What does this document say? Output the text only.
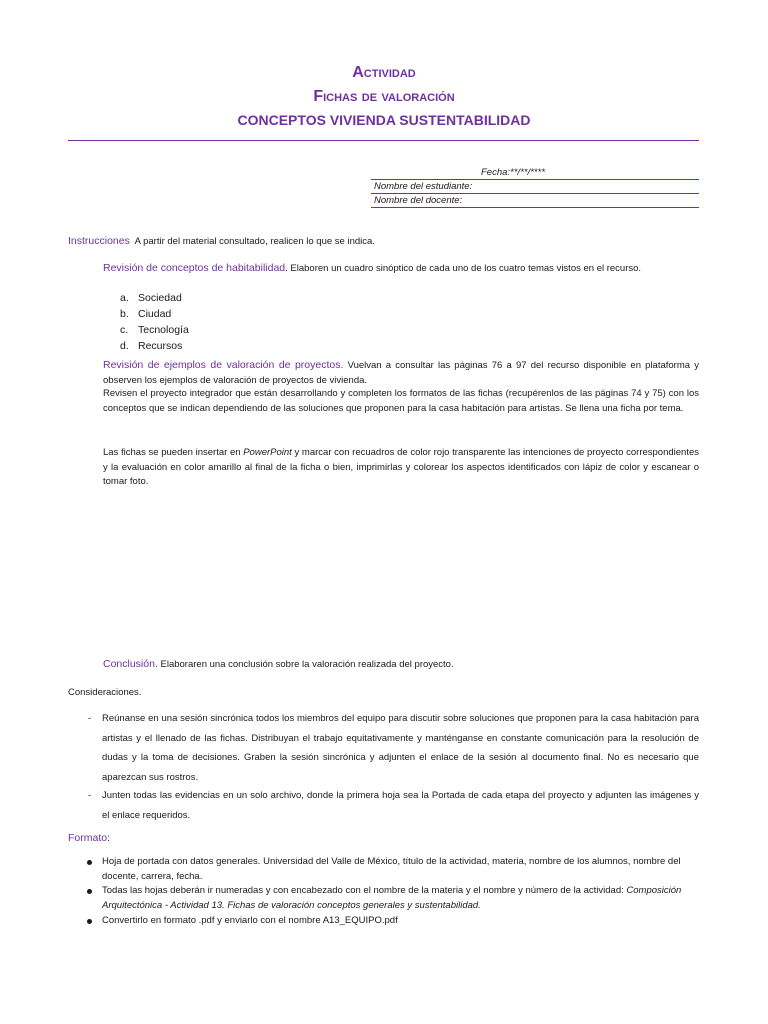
Actividad
Fichas de valoración
CONCEPTOS VIVIENDA SUSTENTABILIDAD
Fecha:**/**/****
Nombre del estudiante:
Nombre del docente:
Instrucciones A partir del material consultado, realicen lo que se indica.
Revisión de conceptos de habitabilidad. Elaboren un cuadro sinóptico de cada uno de los cuatro temas vistos en el recurso.
a. Sociedad
b. Ciudad
c. Tecnología
d. Recursos
Revisión de ejemplos de valoración de proyectos. Vuelvan a consultar las páginas 76 a 97 del recurso disponible en plataforma y observen los ejemplos de valoración de proyectos de vivienda.
Revisen el proyecto integrador que están desarrollando y completen los formatos de las fichas (recupérenlos de las páginas 74 y 75) con los conceptos que se indican dependiendo de las soluciones que proponen para la casa habitación para artistas. Se llena una ficha por tema.
Las fichas se pueden insertar en PowerPoint y marcar con recuadros de color rojo transparente las intenciones de proyecto correspondientes y la evaluación en color amarillo al final de la ficha o bien, imprimirlas y colorear los aspectos identificados con lápiz de color y escanear o tomar foto.
Conclusión. Elaboraren una conclusión sobre la valoración realizada del proyecto.
Consideraciones.
-	Reúnanse en una sesión sincrónica todos los miembros del equipo para discutir sobre soluciones que proponen para la casa habitación para artistas y el llenado de las fichas. Distribuyan el trabajo equitativamente y manténganse en constante comunicación para la resolución de dudas y la toma de decisiones. Graben la sesión sincrónica y adjunten el enlace de la sesión al documento final. No es necesario que aparezcan sus rostros.
-	Junten todas las evidencias en un solo archivo, donde la primera hoja sea la Portada de cada etapa del proyecto y adjunten las imágenes y el enlace requeridos.
Formato:
Hoja de portada con datos generales. Universidad del Valle de México, título de la actividad, materia, nombre de los alumnos, nombre del docente, carrera, fecha.
Todas las hojas deberán ir numeradas y con encabezado con el nombre de la materia y el nombre y número de la actividad: Composición Arquitectónica - Actividad 13. Fichas de valoración conceptos generales y sustentabilidad.
Convertirlo en formato .pdf y enviarlo con el nombre A13_EQUIPO.pdf
